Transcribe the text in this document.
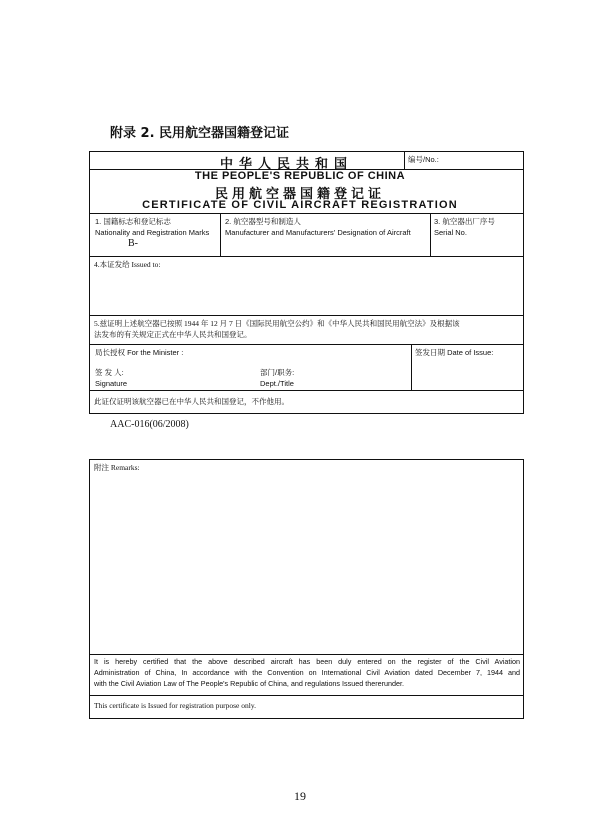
附录 2. 民用航空器国籍登记证
中华人民共和国	编号/No.:
THE PEOPLE'S REPUBLIC OF CHINA
民用航空器国籍登记证
CERTIFICATE OF CIVIL AIRCRAFT REGISTRATION
1. 国籍标志和登记标志
Nationality and Registration Marks
B-
2. 航空器型号和制造人
Manufacturer and Manufacturers' Designation of Aircraft
3. 航空器出厂序号
Serial No.
4.本证发给 Issued to:
5.兹证明上述航空器已按照 1944 年 12 月 7 日《国际民用航空公约》和《中华人民共和国民用航空法》及根据该
法发布的有关规定正式在中华人民共和国登记。
局长授权 For the Minister :	签发日期 Date of Issue:
签 发 人:
Signature
部门/职务:
Dept./Title
此证仅证明该航空器已在中华人民共和国登记，不作他用。
AAC-016(06/2008)
附注 Remarks:
It is hereby certified that the above described aircraft has been duly entered on the register of the Civil Aviation
Administration of China, In accordance with the Convention on International Civil Aviation dated December 7, 1944 and
with the Civil Aviation Law of The People's Republic of China, and regulations Issued thererunder.
This certificate is Issued for registration purpose only.
19
